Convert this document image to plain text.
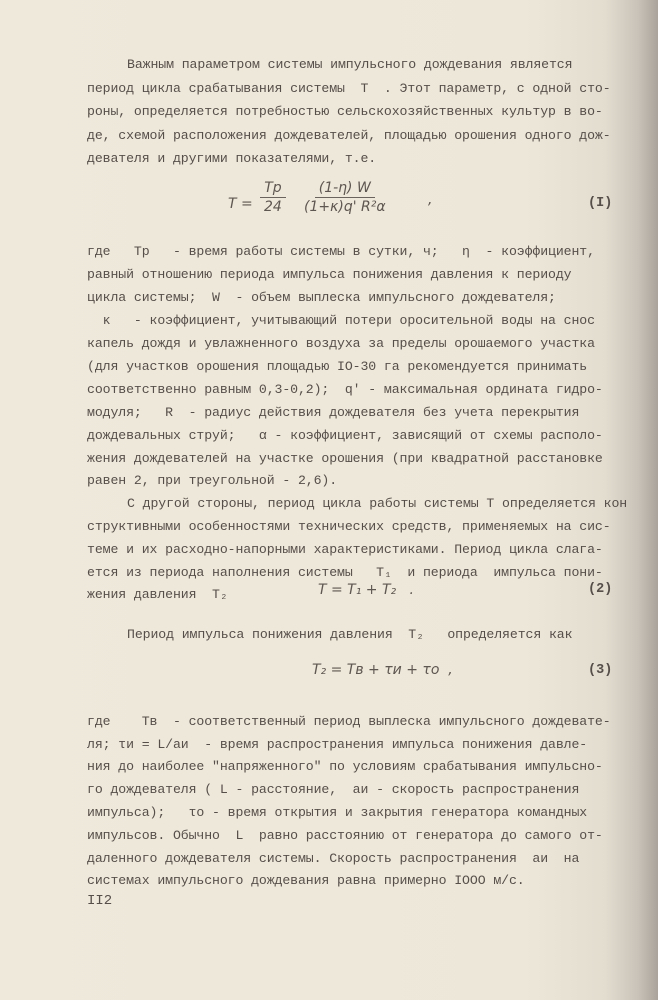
Важным параметром системы импульсного дождевания является
период цикла срабатывания системы  T  . Этот параметр, с одной сто-
роны, определяется потребностью сельскохозяйственных культур в во-
де, схемой расположения дождевателей, площадью орошения одного дож-
девателя и другими показателями, т.е.
$T = \frac{Tp}{24} \frac{(1-\eta) W}{\text{(1+κ)q' R²α}}$	,	(I)
где   Tp   - время работы системы в сутки, ч;   η  - коэффициент,
равный отношению периода импульса понижения давления к периоду
цикла системы;  W  - объем выплеска импульсного дождевателя;
κ   - коэффициент, учитывающий потери оросительной воды на снос
капель дождя и увлажненного воздуха за пределы орошаемого участка
(для участков орошения площадью IO-30 га рекомендуется принимать
соответственно равным 0,3-0,2);  q' - максимальная ордината гидро-
модуля;   R  - радиус действия дождевателя без учета перекрытия
дождевальных струй;   α - коэффициент, зависящий от схемы располо-
жения дождевателей на участке орошения (при квадратной расстановке
равен 2, при треугольной - 2,6).
С другой стороны, период цикла работы системы T определяется кон
структивными особенностями технических средств, применяемых на сис-
теме и их расходно-напорными характеристиками. Период цикла слага-
ется из периода наполнения системы   T₁  и периода  импульса пони-
жения давления  T₂	T = T₁ + T₂   .	(2)
Период импульса понижения давления  T₂   определяется как
T₂ = Tв + τи + τо  ,	(3)
где    Tв  - соответственный период выплеска импульсного дождевате-
ля; τи = L/aи  - время распространения импульса понижения давле-
ния до наиболее "напряженного" по условиям срабатывания импульсно-
го дождевателя ( L - расстояние,  aи - скорость распространения
импульса);   τо - время открытия и закрытия генератора командных
импульсов. Обычно  L  равно расстоянию от генератора до самого от-
даленного дождевателя системы. Скорость распространения  aи  на
системах импульсного дождевания равна примерно IOOO м/с.
II2
